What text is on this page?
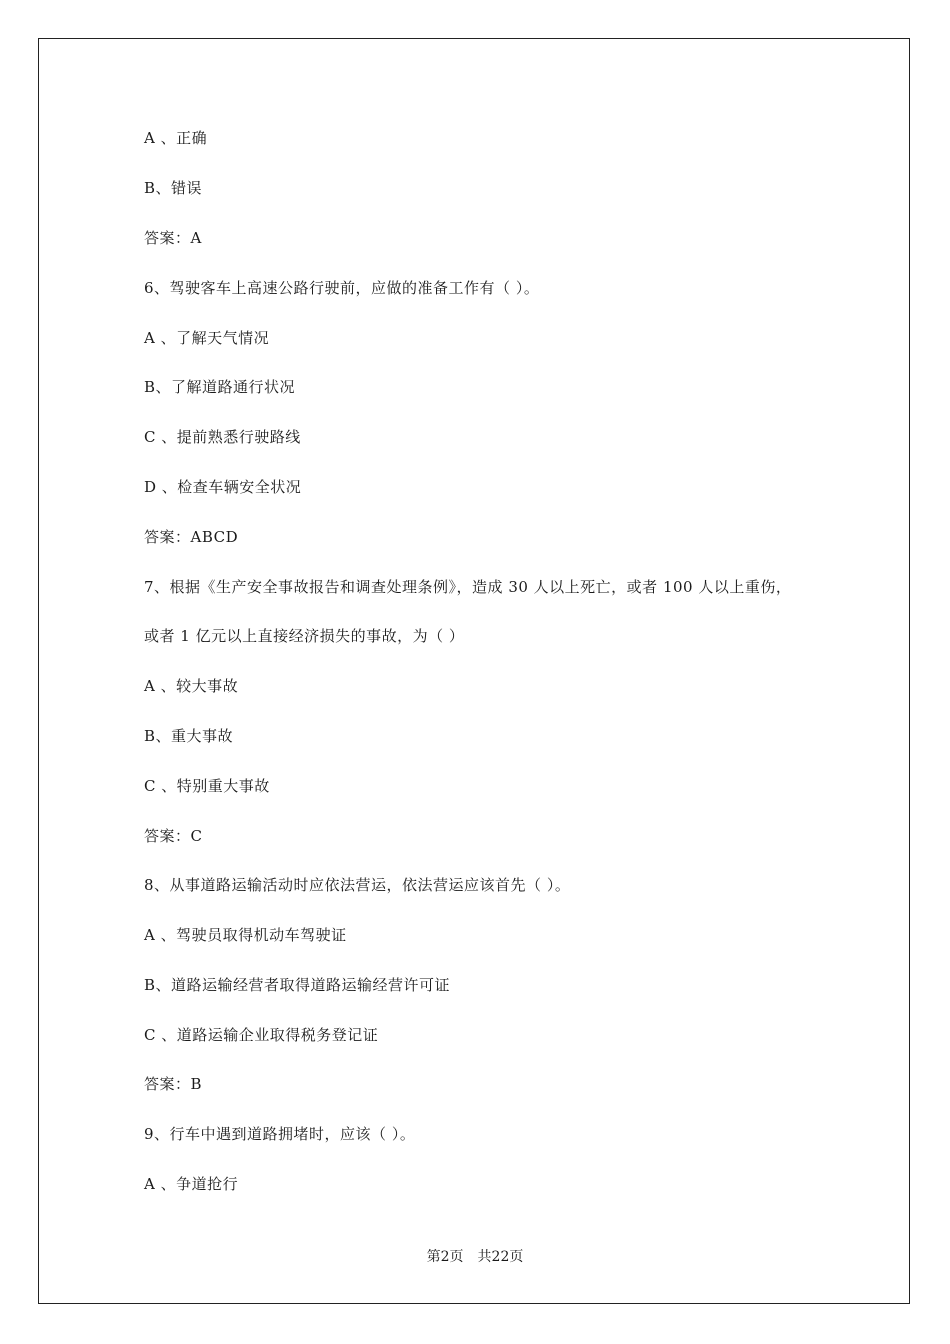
A 、正确
B、错误
答案：A
6、驾驶客车上高速公路行驶前，应做的准备工作有（ ）。
A 、了解天气情况
B、了解道路通行状况
C 、提前熟悉行驶路线
D 、检查车辆安全状况
答案：ABCD
7、根据《生产安全事故报告和调查处理条例》，造成 30 人以上死亡，或者 100 人以上重伤，
或者 1 亿元以上直接经济损失的事故，为（ ）
A 、较大事故
B、重大事故
C 、特别重大事故
答案：C
8、从事道路运输活动时应依法营运，依法营运应该首先（ ）。
A 、驾驶员取得机动车驾驶证
B、道路运输经营者取得道路运输经营许可证
C 、道路运输企业取得税务登记证
答案：B
9、行车中遇到道路拥堵时，应该（ ）。
A 、争道抢行
第2页 共22页
